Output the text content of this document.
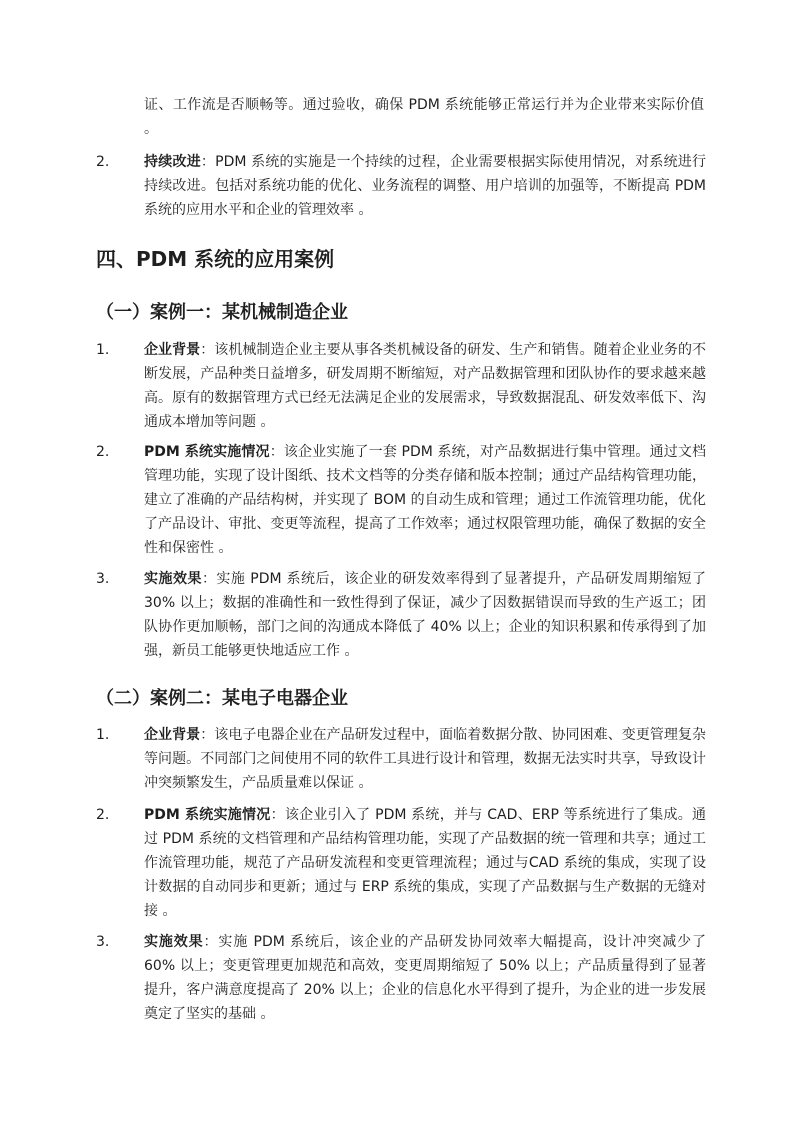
证、工作流是否顺畅等。通过验收，确保 PDM 系统能够正常运行并为企业带来实际价值 。
2.	持续改进：PDM 系统的实施是一个持续的过程，企业需要根据实际使用情况，对系统进行持续改进。包括对系统功能的优化、业务流程的调整、用户培训的加强等，不断提高 PDM 系统的应用水平和企业的管理效率 。
四、PDM 系统的应用案例
（一）案例一：某机械制造企业
1.	企业背景：该机械制造企业主要从事各类机械设备的研发、生产和销售。随着企业业务的不断发展，产品种类日益增多，研发周期不断缩短，对产品数据管理和团队协作的要求越来越高。原有的数据管理方式已经无法满足企业的发展需求，导致数据混乱、研发效率低下、沟通成本增加等问题 。
2.	PDM 系统实施情况：该企业实施了一套 PDM 系统，对产品数据进行集中管理。通过文档管理功能，实现了设计图纸、技术文档等的分类存储和版本控制；通过产品结构管理功能，建立了准确的产品结构树，并实现了 BOM 的自动生成和管理；通过工作流管理功能，优化了产品设计、审批、变更等流程，提高了工作效率；通过权限管理功能，确保了数据的安全性和保密性 。
3.	实施效果：实施 PDM 系统后，该企业的研发效率得到了显著提升，产品研发周期缩短了 30% 以上；数据的准确性和一致性得到了保证，减少了因数据错误而导致的生产返工；团队协作更加顺畅，部门之间的沟通成本降低了 40% 以上；企业的知识积累和传承得到了加强，新员工能够更快地适应工作 。
（二）案例二：某电子电器企业
1.	企业背景：该电子电器企业在产品研发过程中，面临着数据分散、协同困难、变更管理复杂等问题。不同部门之间使用不同的软件工具进行设计和管理，数据无法实时共享，导致设计冲突频繁发生，产品质量难以保证 。
2.	PDM 系统实施情况：该企业引入了 PDM 系统，并与 CAD、ERP 等系统进行了集成。通过 PDM 系统的文档管理和产品结构管理功能，实现了产品数据的统一管理和共享；通过工作流管理功能，规范了产品研发流程和变更管理流程；通过与CAD 系统的集成，实现了设计数据的自动同步和更新；通过与 ERP 系统的集成，实现了产品数据与生产数据的无缝对接 。
3.	实施效果：实施 PDM 系统后，该企业的产品研发协同效率大幅提高，设计冲突减少了 60% 以上；变更管理更加规范和高效，变更周期缩短了 50% 以上；产品质量得到了显著提升，客户满意度提高了 20% 以上；企业的信息化水平得到了提升，为企业的进一步发展奠定了坚实的基础 。
